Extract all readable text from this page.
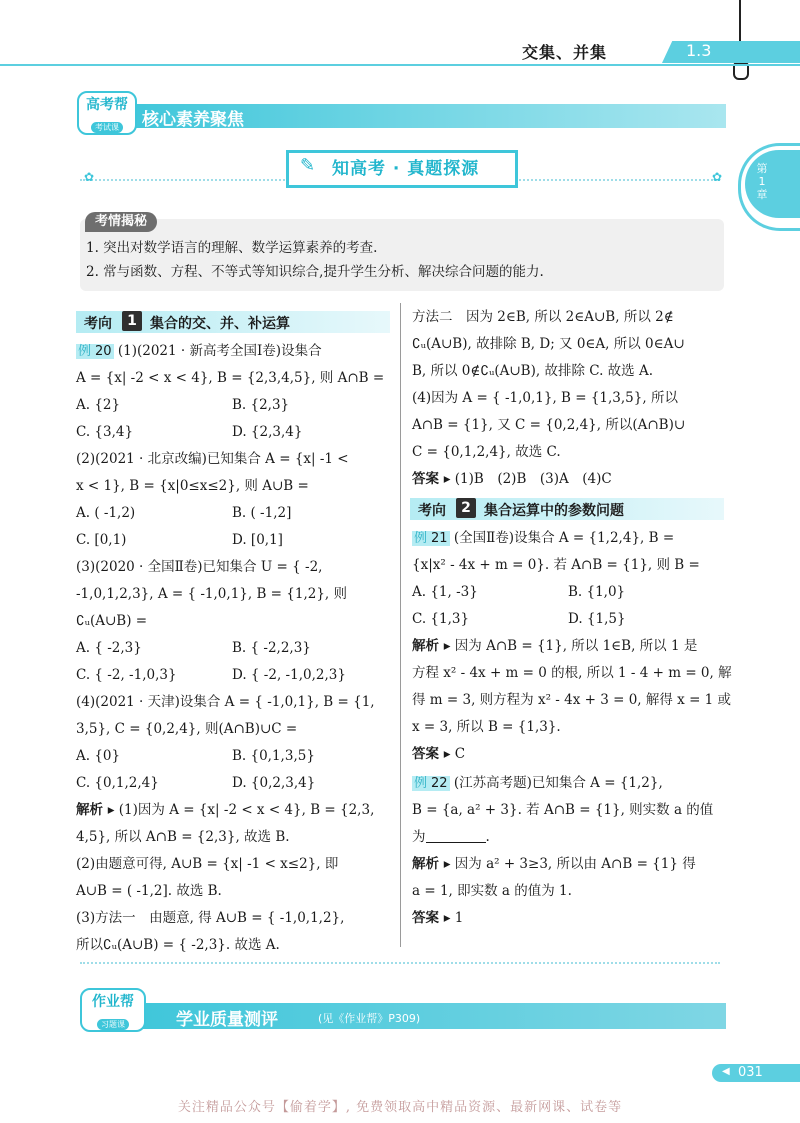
交集、并集	1.3
核心素养聚焦
高考帮
考试课
✿	✿
✎ 知高考 · 真题探源	第1章
考情揭秘
1. 突出对数学语言的理解、数学运算素养的考查.
2. 常与函数、方程、不等式等知识综合,提升学生分析、解决综合问题的能力.
考向	1 集合的交、并、补运算
例 20 (1)(2021 · 新高考全国Ⅰ卷)设集合
A = {x| -2 < x < 4}, B = {2,3,4,5}, 则 A∩B =
A. {2}	B. {2,3}
C. {3,4}	D. {2,3,4}
(2)(2021 · 北京改编)已知集合 A = {x| -1 <
x < 1}, B = {x|0≤x≤2}, 则 A∪B =
A. ( -1,2)	B. ( -1,2]
C. [0,1)	D. [0,1]
(3)(2020 · 全国Ⅱ卷)已知集合 U = { -2,
-1,0,1,2,3}, A = { -1,0,1}, B = {1,2}, 则
∁ᵤ(A∪B) =
A. { -2,3}	B. { -2,2,3}
C. { -2, -1,0,3}	D. { -2, -1,0,2,3}
(4)(2021 · 天津)设集合 A = { -1,0,1}, B = {1,
3,5}, C = {0,2,4}, 则(A∩B)∪C =
A. {0}	B. {0,1,3,5}
C. {0,1,2,4}	D. {0,2,3,4}
解析 ▸ (1)因为 A = {x| -2 < x < 4}, B = {2,3,
4,5}, 所以 A∩B = {2,3}, 故选 B.
(2)由题意可得, A∪B = {x| -1 < x≤2}, 即
A∪B = ( -1,2]. 故选 B.
(3)方法一　由题意, 得 A∪B = { -1,0,1,2},
所以∁ᵤ(A∪B) = { -2,3}. 故选 A.
方法二　因为 2∈B, 所以 2∈A∪B, 所以 2∉
∁ᵤ(A∪B), 故排除 B, D; 又 0∈A, 所以 0∈A∪
B, 所以 0∉∁ᵤ(A∪B), 故排除 C. 故选 A.
(4)因为 A = { -1,0,1}, B = {1,3,5}, 所以
A∩B = {1}, 又 C = {0,2,4}, 所以(A∩B)∪
C = {0,1,2,4}, 故选 C.
答案 ▸ (1)B　(2)B　(3)A　(4)C
考向	2 集合运算中的参数问题
例 21 (全国Ⅱ卷)设集合 A = {1,2,4}, B =
{x|x² - 4x + m = 0}. 若 A∩B = {1}, 则 B =
A. {1, -3}	B. {1,0}
C. {1,3}	D. {1,5}
解析 ▸ 因为 A∩B = {1}, 所以 1∈B, 所以 1 是
方程 x² - 4x + m = 0 的根, 所以 1 - 4 + m = 0, 解
得 m = 3, 则方程为 x² - 4x + 3 = 0, 解得 x = 1 或
x = 3, 所以 B = {1,3}.
答案 ▸ C
例 22 (江苏高考题)已知集合 A = {1,2},
B = {a, a² + 3}. 若 A∩B = {1}, 则实数 a 的值
为	.
解析 ▸ 因为 a² + 3≥3, 所以由 A∩B = {1} 得
a = 1, 即实数 a 的值为 1.
答案 ▸ 1
学业质量测评	(见《作业帮》P309)
作业帮
习题课
◀ 031
关注精品公众号【偷着学】, 免费领取高中精品资源、最新网课、试卷等
